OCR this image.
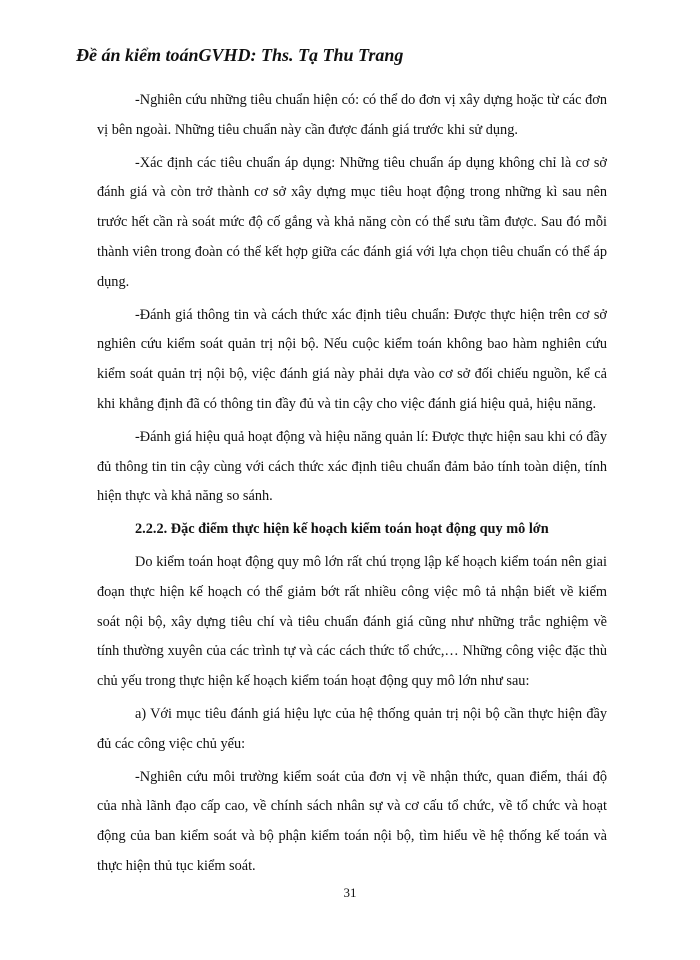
Đề án kiểm toánGVHD: Ths. Tạ Thu Trang

-Nghiên cứu những tiêu chuẩn hiện có: có thể do đơn vị xây dựng hoặc từ các đơn vị bên ngoài. Những tiêu chuẩn này cần được đánh giá trước khi sử dụng.

-Xác định các tiêu chuẩn áp dụng: Những tiêu chuẩn áp dụng không chỉ là cơ sở đánh giá và còn trở thành cơ sở xây dựng mục tiêu hoạt động trong những kì sau nên trước hết cần rà soát mức độ cố gắng và khả năng còn có thể sưu tầm được. Sau đó mỗi thành viên trong đoàn có thể kết hợp giữa các đánh giá với lựa chọn tiêu chuẩn có thể áp dụng.

-Đánh giá thông tin và cách thức xác định tiêu chuẩn: Được thực hiện trên cơ sở nghiên cứu kiểm soát quản trị nội bộ. Nếu cuộc kiểm toán không bao hàm nghiên cứu kiểm soát quản trị nội bộ, việc đánh giá này phải dựa vào cơ sở đối chiếu nguồn, kể cả khi khẳng định đã có thông tin đầy đủ và tin cậy cho việc đánh giá hiệu quả, hiệu năng.

-Đánh giá hiệu quả hoạt động và hiệu năng quản lí: Được thực hiện sau khi có đầy đủ thông tin tin cậy cùng với cách thức xác định tiêu chuẩn đảm bảo tính toàn diện, tính hiện thực và khả năng so sánh.

2.2.2. Đặc điểm thực hiện kế hoạch kiểm toán hoạt động quy mô lớn

Do kiểm toán hoạt động quy mô lớn rất chú trọng lập kế hoạch kiểm toán nên giai đoạn thực hiện kế hoạch có thể giảm bớt rất nhiều công việc mô tả nhận biết về kiểm soát nội bộ, xây dựng tiêu chí và tiêu chuẩn đánh giá cũng như những trắc nghiệm về tính thường xuyên của các trình tự và các cách thức tổ chức,… Những công việc đặc thù chủ yếu trong thực hiện kế hoạch kiểm toán hoạt động quy mô lớn như sau:

a) Với mục tiêu đánh giá hiệu lực của hệ thống quản trị nội bộ cần thực hiện đầy đủ các công việc chủ yếu:

-Nghiên cứu môi trường kiểm soát của đơn vị về nhận thức, quan điểm, thái độ của nhà lãnh đạo cấp cao, về chính sách nhân sự và cơ cấu tổ chức, về tổ chức và hoạt động của ban kiểm soát và bộ phận kiểm toán nội bộ, tìm hiểu về hệ thống kế toán và thực hiện thủ tục kiểm soát.

31
